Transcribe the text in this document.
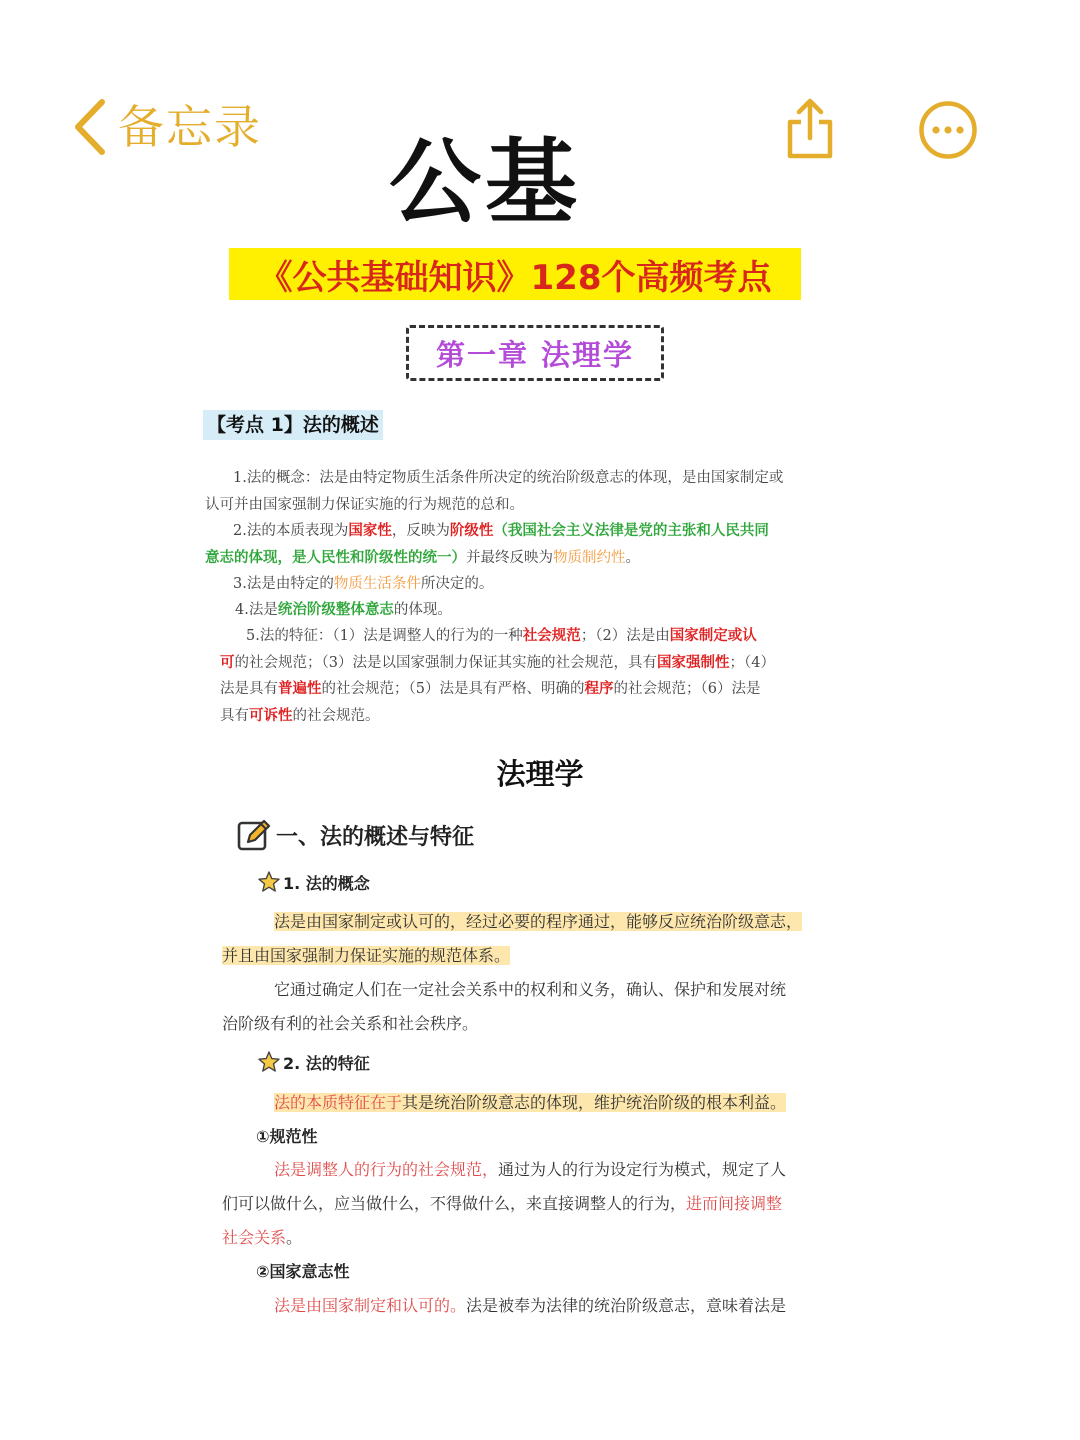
备忘录
公基
《公共基础知识》128个高频考点
第一章 法理学
【考点 1】法的概述
1.法的概念：法是由特定物质生活条件所决定的统治阶级意志的体现，是由国家制定或
认可并由国家强制力保证实施的行为规范的总和。
2.法的本质表现为国家性，反映为阶级性（我国社会主义法律是党的主张和人民共同
意志的体现，是人民性和阶级性的统一）并最终反映为物质制约性。
3.法是由特定的物质生活条件所决定的。
4.法是统治阶级整体意志的体现。
5.法的特征：（1）法是调整人的行为的一种社会规范；（2）法是由国家制定或认
可的社会规范；（3）法是以国家强制力保证其实施的社会规范，具有国家强制性；（4）
法是具有普遍性的社会规范；（5）法是具有严格、明确的程序的社会规范；（6）法是
具有可诉性的社会规范。
法理学
一、法的概述与特征
1. 法的概念
法是由国家制定或认可的，经过必要的程序通过，能够反应统治阶级意志，
并且由国家强制力保证实施的规范体系。
它通过确定人们在一定社会关系中的权利和义务，确认、保护和发展对统
治阶级有利的社会关系和社会秩序。
2. 法的特征
法的本质特征在于其是统治阶级意志的体现，维护统治阶级的根本利益。
①规范性
法是调整人的行为的社会规范，通过为人的行为设定行为模式，规定了人
们可以做什么，应当做什么，不得做什么，来直接调整人的行为，进而间接调整
社会关系。
②国家意志性
法是由国家制定和认可的。法是被奉为法律的统治阶级意志，意味着法是
